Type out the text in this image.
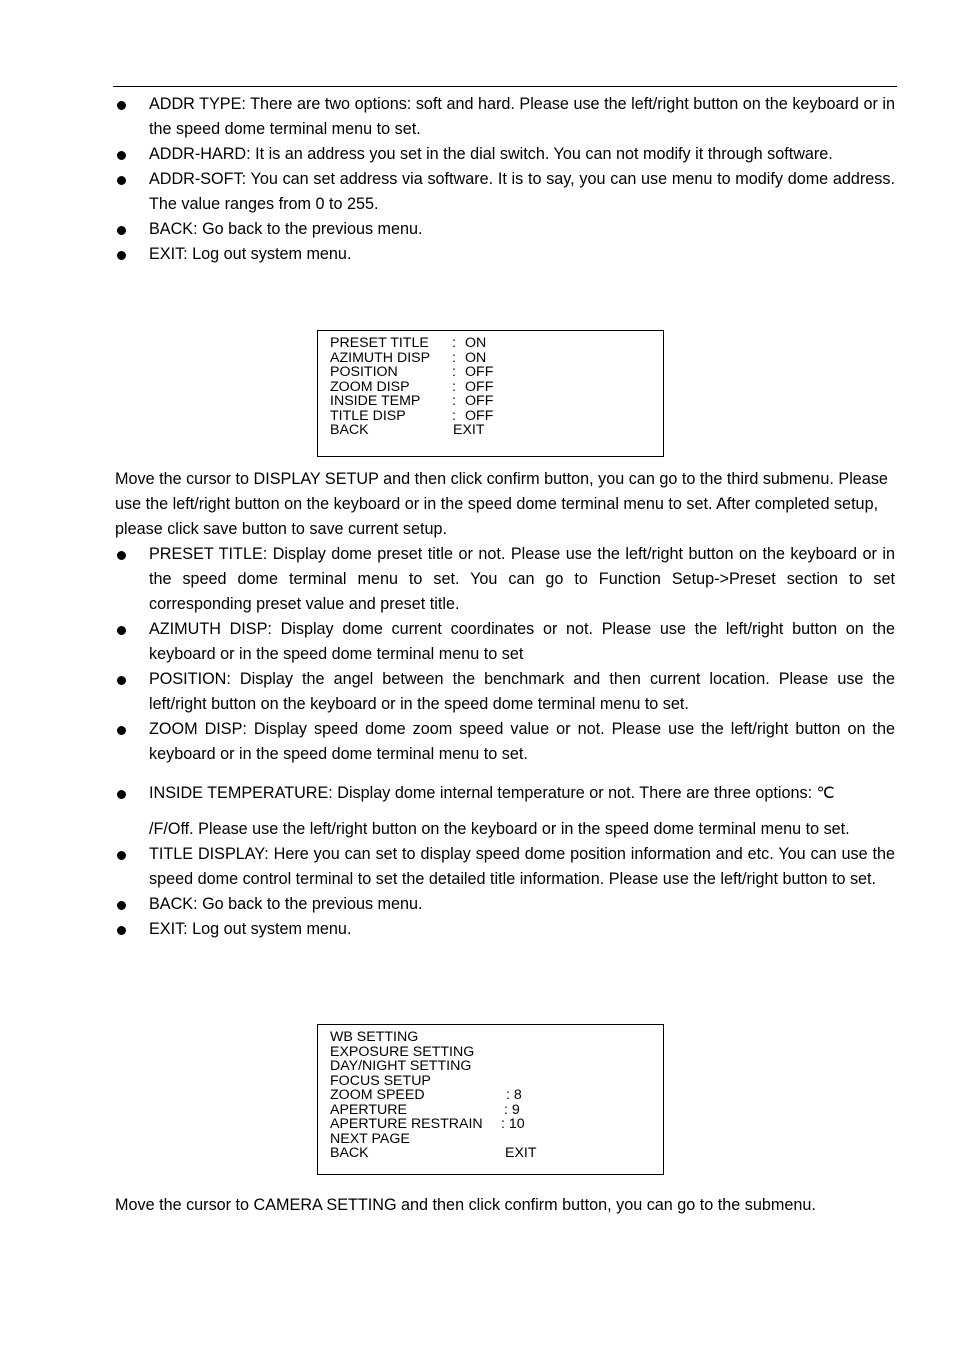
ADDR TYPE: There are two options: soft and hard. Please use the left/right button on the keyboard or in the speed dome terminal menu to set.
ADDR-HARD: It is an address you set in the dial switch. You can not modify it through software.
ADDR-SOFT: You can set address via software. It is to say, you can use menu to modify dome address. The value ranges from 0 to 255.
BACK: Go back to the previous menu.
EXIT: Log out system menu.
PRESET TITLE : ON
AZIMUTH DISP : ON
POSITION	: OFF
ZOOM DISP	: OFF
INSIDE TEMP : OFF
TITLE DISP	: OFF
BACK	EXIT

Move the cursor to DISPLAY SETUP and then click confirm button, you can go to the third submenu. Please use the left/right button on the keyboard or in the speed dome terminal menu to set. After completed setup, please click save button to save current setup.

PRESET TITLE: Display dome preset title or not. Please use the left/right button on the keyboard or in the speed dome terminal menu to set. You can go to Function Setup->Preset section to set corresponding preset value and preset title.
AZIMUTH DISP: Display dome current coordinates or not. Please use the left/right button on the keyboard or in the speed dome terminal menu to set
POSITION: Display the angel between the benchmark and then current location. Please use the left/right button on the keyboard or in the speed dome terminal menu to set.
ZOOM DISP: Display speed dome zoom speed value or not. Please use the left/right button on the keyboard or in the speed dome terminal menu to set.
INSIDE TEMPERATURE: Display dome internal temperature or not. There are three options: ℃

/F/Off. Please use the left/right button on the keyboard or in the speed dome terminal menu to set.

TITLE DISPLAY: Here you can set to display speed dome position information and etc. You can use the speed dome control terminal to set the detailed title information. Please use the left/right button to set.
BACK: Go back to the previous menu.
EXIT: Log out system menu.
WB SETTING
EXPOSURE SETTING
DAY/NIGHT SETTING
FOCUS SETUP
ZOOM SPEED	: 8
APERTURE	: 9
APERTURE RESTRAIN : 10
NEXT PAGE
BACK	EXIT

Move the cursor to CAMERA SETTING and then click confirm button, you can go to the submenu.
